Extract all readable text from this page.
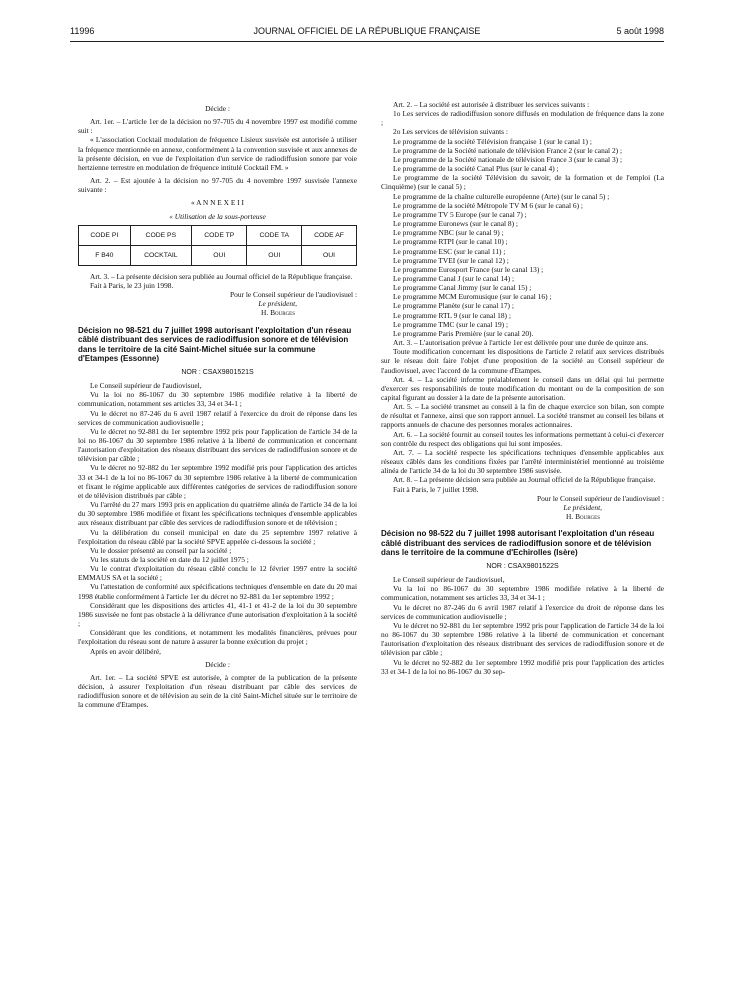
11996	JOURNAL OFFICIEL DE LA RÉPUBLIQUE FRANÇAISE	5 août 1998

Décide :

Art. 1er. – L'article 1er de la décision no 97-705 du 4 novembre 1997 est modifié comme suit :

« L'association Cocktail modulation de fréquence Lisieux susvisée est autorisée à utiliser la fréquence mentionnée en annexe, conformément à la convention susvisée et aux annexes de la présente décision, en vue de l'exploitation d'un service de radiodiffusion sonore par voie hertzienne terrestre en modulation de fréquence intitulé Cocktail FM. »

Art. 2. – Est ajoutée à la décision no 97-705 du 4 novembre 1997 susvisée l'annexe suivante :

« A N N E X E I I

« Utilisation de la sous-porteuse

CODE PI	CODE PS	CODE TP	CODE TA	CODE AF
F B40	COCKTAIL	OUI	OUI	OUI

Art. 3. – La présente décision sera publiée au Journal officiel de la République française.

Fait à Paris, le 23 juin 1998.

Pour le Conseil supérieur de l'audiovisuel :

Le président,

H. Bourges

Décision no 98-521 du 7 juillet 1998 autorisant l'exploitation d'un réseau câblé distribuant des services de radiodiffusion sonore et de télévision dans le territoire de la cité Saint-Michel située sur la commune d'Etampes (Essonne)

NOR : CSAX9801521S

Le Conseil supérieur de l'audiovisuel,

Vu la loi no 86-1067 du 30 septembre 1986 modifiée relative à la liberté de communication, notamment ses articles 33, 34 et 34-1 ;

Vu le décret no 87-246 du 6 avril 1987 relatif à l'exercice du droit de réponse dans les services de communication audiovisuelle ;

Vu le décret no 92-881 du 1er septembre 1992 pris pour l'application de l'article 34 de la loi no 86-1067 du 30 septembre 1986 relative à la liberté de communication et concernant l'autorisation d'exploitation des réseaux distribuant des services de radiodiffusion sonore et de télévision par câble ;

Vu le décret no 92-882 du 1er septembre 1992 modifié pris pour l'application des articles 33 et 34-1 de la loi no 86-1067 du 30 septembre 1986 relative à la liberté de communication et fixant le régime applicable aux différentes catégories de services de radiodiffusion sonore et de télévision distribués par câble ;

Vu l'arrêté du 27 mars 1993 pris en application du quatrième alinéa de l'article 34 de la loi du 30 septembre 1986 modifiée et fixant les spécifications techniques d'ensemble applicables aux réseaux distribuant par câble des services de radiodiffusion sonore et de télévision ;

Vu la délibération du conseil municipal en date du 25 septembre 1997 relative à l'exploitation du réseau câblé par la société SPVE appelée ci-dessous la société ;

Vu le dossier présenté au conseil par la société ;

Vu les statuts de la société en date du 12 juillet 1975 ;

Vu le contrat d'exploitation du réseau câblé conclu le 12 février 1997 entre la société EMMAUS SA et la société ;

Vu l'attestation de conformité aux spécifications techniques d'ensemble en date du 20 mai 1998 établie conformément à l'article 1er du décret no 92-881 du 1er septembre 1992 ;

Considérant que les dispositions des articles 41, 41-1 et 41-2 de la loi du 30 septembre 1986 susvisée ne font pas obstacle à la délivrance d'une autorisation d'exploitation à la société ;

Considérant que les conditions, et notamment les modalités financières, prévues pour l'exploitation du réseau sont de nature à assurer la bonne exécution du projet ;

Après en avoir délibéré,

Décide :

Art. 1er. – La société SPVE est autorisée, à compter de la publication de la présente décision, à assurer l'exploitation d'un réseau distribuant par câble des services de radiodiffusion sonore et de télévision au sein de la cité Saint-Michel située sur le territoire de la commune d'Etampes.

Art. 2. – La société est autorisée à distribuer les services suivants :

1o Les services de radiodiffusion sonore diffusés en modulation de fréquence dans la zone ;

2o Les services de télévision suivants :

Le programme de la société Télévision française 1 (sur le canal 1) ;

Le programme de la Société nationale de télévision France 2 (sur le canal 2) ;

Le programme de la Société nationale de télévision France 3 (sur le canal 3) ;

Le programme de la société Canal Plus (sur le canal 4) ;

Le programme de la société Télévision du savoir, de la formation et de l'emploi (La Cinquième) (sur le canal 5) ;

Le programme de la chaîne culturelle européenne (Arte) (sur le canal 5) ;

Le programme de la société Métropole TV M 6 (sur le canal 6) ;

Le programme TV 5 Europe (sur le canal 7) ;

Le programme Euronews (sur le canal 8) ;

Le programme NBC (sur le canal 9) ;

Le programme RTPI (sur le canal 10) ;

Le programme ESC (sur le canal 11) ;

Le programme TVEI (sur le canal 12) ;

Le programme Eurosport France (sur le canal 13) ;

Le programme Canal J (sur le canal 14) ;

Le programme Canal Jimmy (sur le canal 15) ;

Le programme MCM Euromusique (sur le canal 16) ;

Le programme Planète (sur le canal 17) ;

Le programme RTL 9 (sur le canal 18) ;

Le programme TMC (sur le canal 19) ;

Le programme Paris Première (sur le canal 20).

Art. 3. – L'autorisation prévue à l'article 1er est délivrée pour une durée de quinze ans.

Toute modification concernant les dispositions de l'article 2 relatif aux services distribués sur le réseau doit faire l'objet d'une proposition de la société au Conseil supérieur de l'audiovisuel, avec l'accord de la commune d'Etampes.

Art. 4. – La société informe préalablement le conseil dans un délai qui lui permette d'exercer ses responsabilités de toute modification du montant ou de la composition de son capital figurant au dossier à la date de la présente autorisation.

Art. 5. – La société transmet au conseil à la fin de chaque exercice son bilan, son compte de résultat et l'annexe, ainsi que son rapport annuel. La société transmet au conseil les bilans et rapports annuels de chacune des personnes morales actionnaires.

Art. 6. – La société fournit au conseil toutes les informations permettant à celui-ci d'exercer son contrôle du respect des obligations qui lui sont imposées.

Art. 7. – La société respecte les spécifications techniques d'ensemble applicables aux réseaux câblés dans les conditions fixées par l'arrêté interministériel mentionné au troisième alinéa de l'article 34 de la loi du 30 septembre 1986 susvisée.

Art. 8. – La présente décision sera publiée au Journal officiel de la République française.

Fait à Paris, le 7 juillet 1998.

Pour le Conseil supérieur de l'audiovisuel :

Le président,

H. Bourges

Décision no 98-522 du 7 juillet 1998 autorisant l'exploitation d'un réseau câblé distribuant des services de radiodiffusion sonore et de télévision dans le territoire de la commune d'Echirolles (Isère)

NOR : CSAX9801522S

Le Conseil supérieur de l'audiovisuel,

Vu la loi no 86-1067 du 30 septembre 1986 modifiée relative à la liberté de communication, notamment ses articles 33, 34 et 34-1 ;

Vu le décret no 87-246 du 6 avril 1987 relatif à l'exercice du droit de réponse dans les services de communication audiovisuelle ;

Vu le décret no 92-881 du 1er septembre 1992 pris pour l'application de l'article 34 de la loi no 86-1067 du 30 septembre 1986 relative à la liberté de communication et concernant l'autorisation d'exploitation des réseaux distribuant des services de radiodiffusion sonore et de télévision par câble ;

Vu le décret no 92-882 du 1er septembre 1992 modifié pris pour l'application des articles 33 et 34-1 de la loi no 86-1067 du 30 sep-
